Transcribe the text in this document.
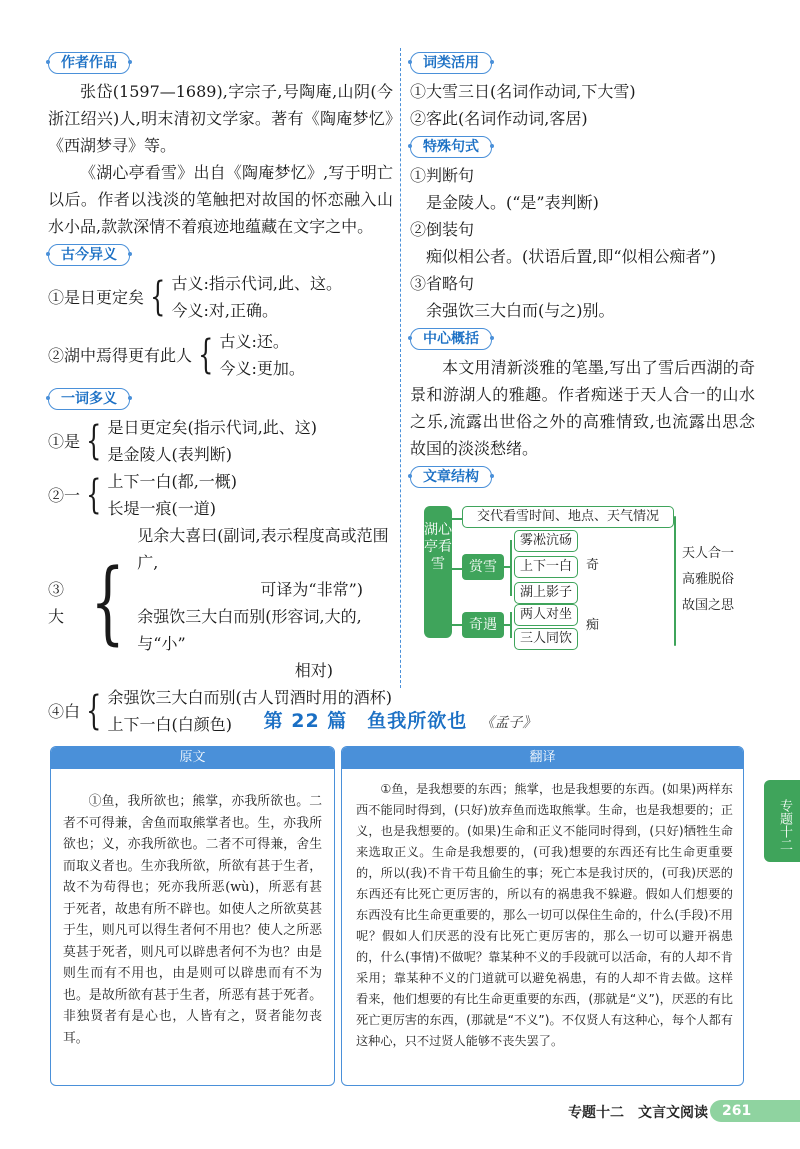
作者作品
张岱(1597—1689),字宗子,号陶庵,山阴(今浙江绍兴)人,明末清初文学家。著有《陶庵梦忆》《西湖梦寻》等。
《湖心亭看雪》出自《陶庵梦忆》,写于明亡以后。作者以浅淡的笔触把对故国的怀恋融入山水小品,款款深情不着痕迹地蕴藏在文字之中。
古今异义
①是日更定矣 { 古义:指示代词,此、这。
今义:对,正确。
②湖中焉得更有此人 { 古义:还。
今义:更加。
一词多义
①是 { 是日更定矣(指示代词,此、这)
是金陵人(表判断)
②一 { 上下一白(都,一概)
长堤一痕(一道)
③大 {
见余大喜曰(副词,表示程度高或范围广,
可译为“非常”)
余强饮三大白而别(形容词,大的,与“小”
相对)
④白 { 余强饮三大白而别(古人罚酒时用的酒杯)
上下一白(白颜色)
词类活用
①大雪三日(名词作动词,下大雪)
②客此(名词作动词,客居)
特殊句式
①判断句
是金陵人。(“是”表判断)
②倒装句
痴似相公者。(状语后置,即“似相公痴者”)
③省略句
余强饮三大白而(与之)别。
中心概括
本文用清新淡雅的笔墨,写出了雪后西湖的奇景和游湖人的雅趣。作者痴迷于天人合一的山水之乐,流露出世俗之外的高雅情致,也流露出思念故国的淡淡愁绪。
文章结构
湖心亭看雪
交代看雪时间、地点、天气情况
赏雪
雾凇沆砀
上下一白
湖上影子
奇
奇遇
两人对坐
三人同饮
痴
天人合一
高雅脱俗
故国之思
第 22 篇　鱼我所欲也 《孟子》
原文
①鱼，我所欲也；熊掌，亦我所欲也。二者不可得兼，舍鱼而取熊掌者也。生，亦我所欲也；义，亦我所欲也。二者不可得兼，舍生而取义者也。生亦我所欲，所欲有甚于生者，故不为苟得也；死亦我所恶(wù)，所恶有甚于死者，故患有所不辟也。如使人之所欲莫甚于生，则凡可以得生者何不用也？使人之所恶莫甚于死者，则凡可以辟患者何不为也？由是则生而有不用也，由是则可以辟患而有不为也。是故所欲有甚于生者，所恶有甚于死者。非独贤者有是心也，人皆有之，贤者能勿丧耳。
翻译
①鱼，是我想要的东西；熊掌，也是我想要的东西。(如果)两样东西不能同时得到，(只好)放弃鱼而选取熊掌。生命，也是我想要的；正义，也是我想要的。(如果)生命和正义不能同时得到，(只好)牺牲生命来选取正义。生命是我想要的，(可我)想要的东西还有比生命更重要的，所以(我)不肯干苟且偷生的事；死亡本是我讨厌的，(可我)厌恶的东西还有比死亡更厉害的，所以有的祸患我不躲避。假如人们想要的东西没有比生命更重要的，那么一切可以保住生命的，什么(手段)不用呢？假如人们厌恶的没有比死亡更厉害的，那么一切可以避开祸患的，什么(事情)不做呢？靠某种不义的手段就可以活命，有的人却不肯采用；靠某种不义的门道就可以避免祸患，有的人却不肯去做。这样看来，他们想要的有比生命更重要的东西，(那就是“义”)，厌恶的有比死亡更厉害的东西，(那就是“不义”)。不仅贤人有这种心，每个人都有这种心，只不过贤人能够不丧失罢了。
专题十二
专题十二　文言文阅读	261
